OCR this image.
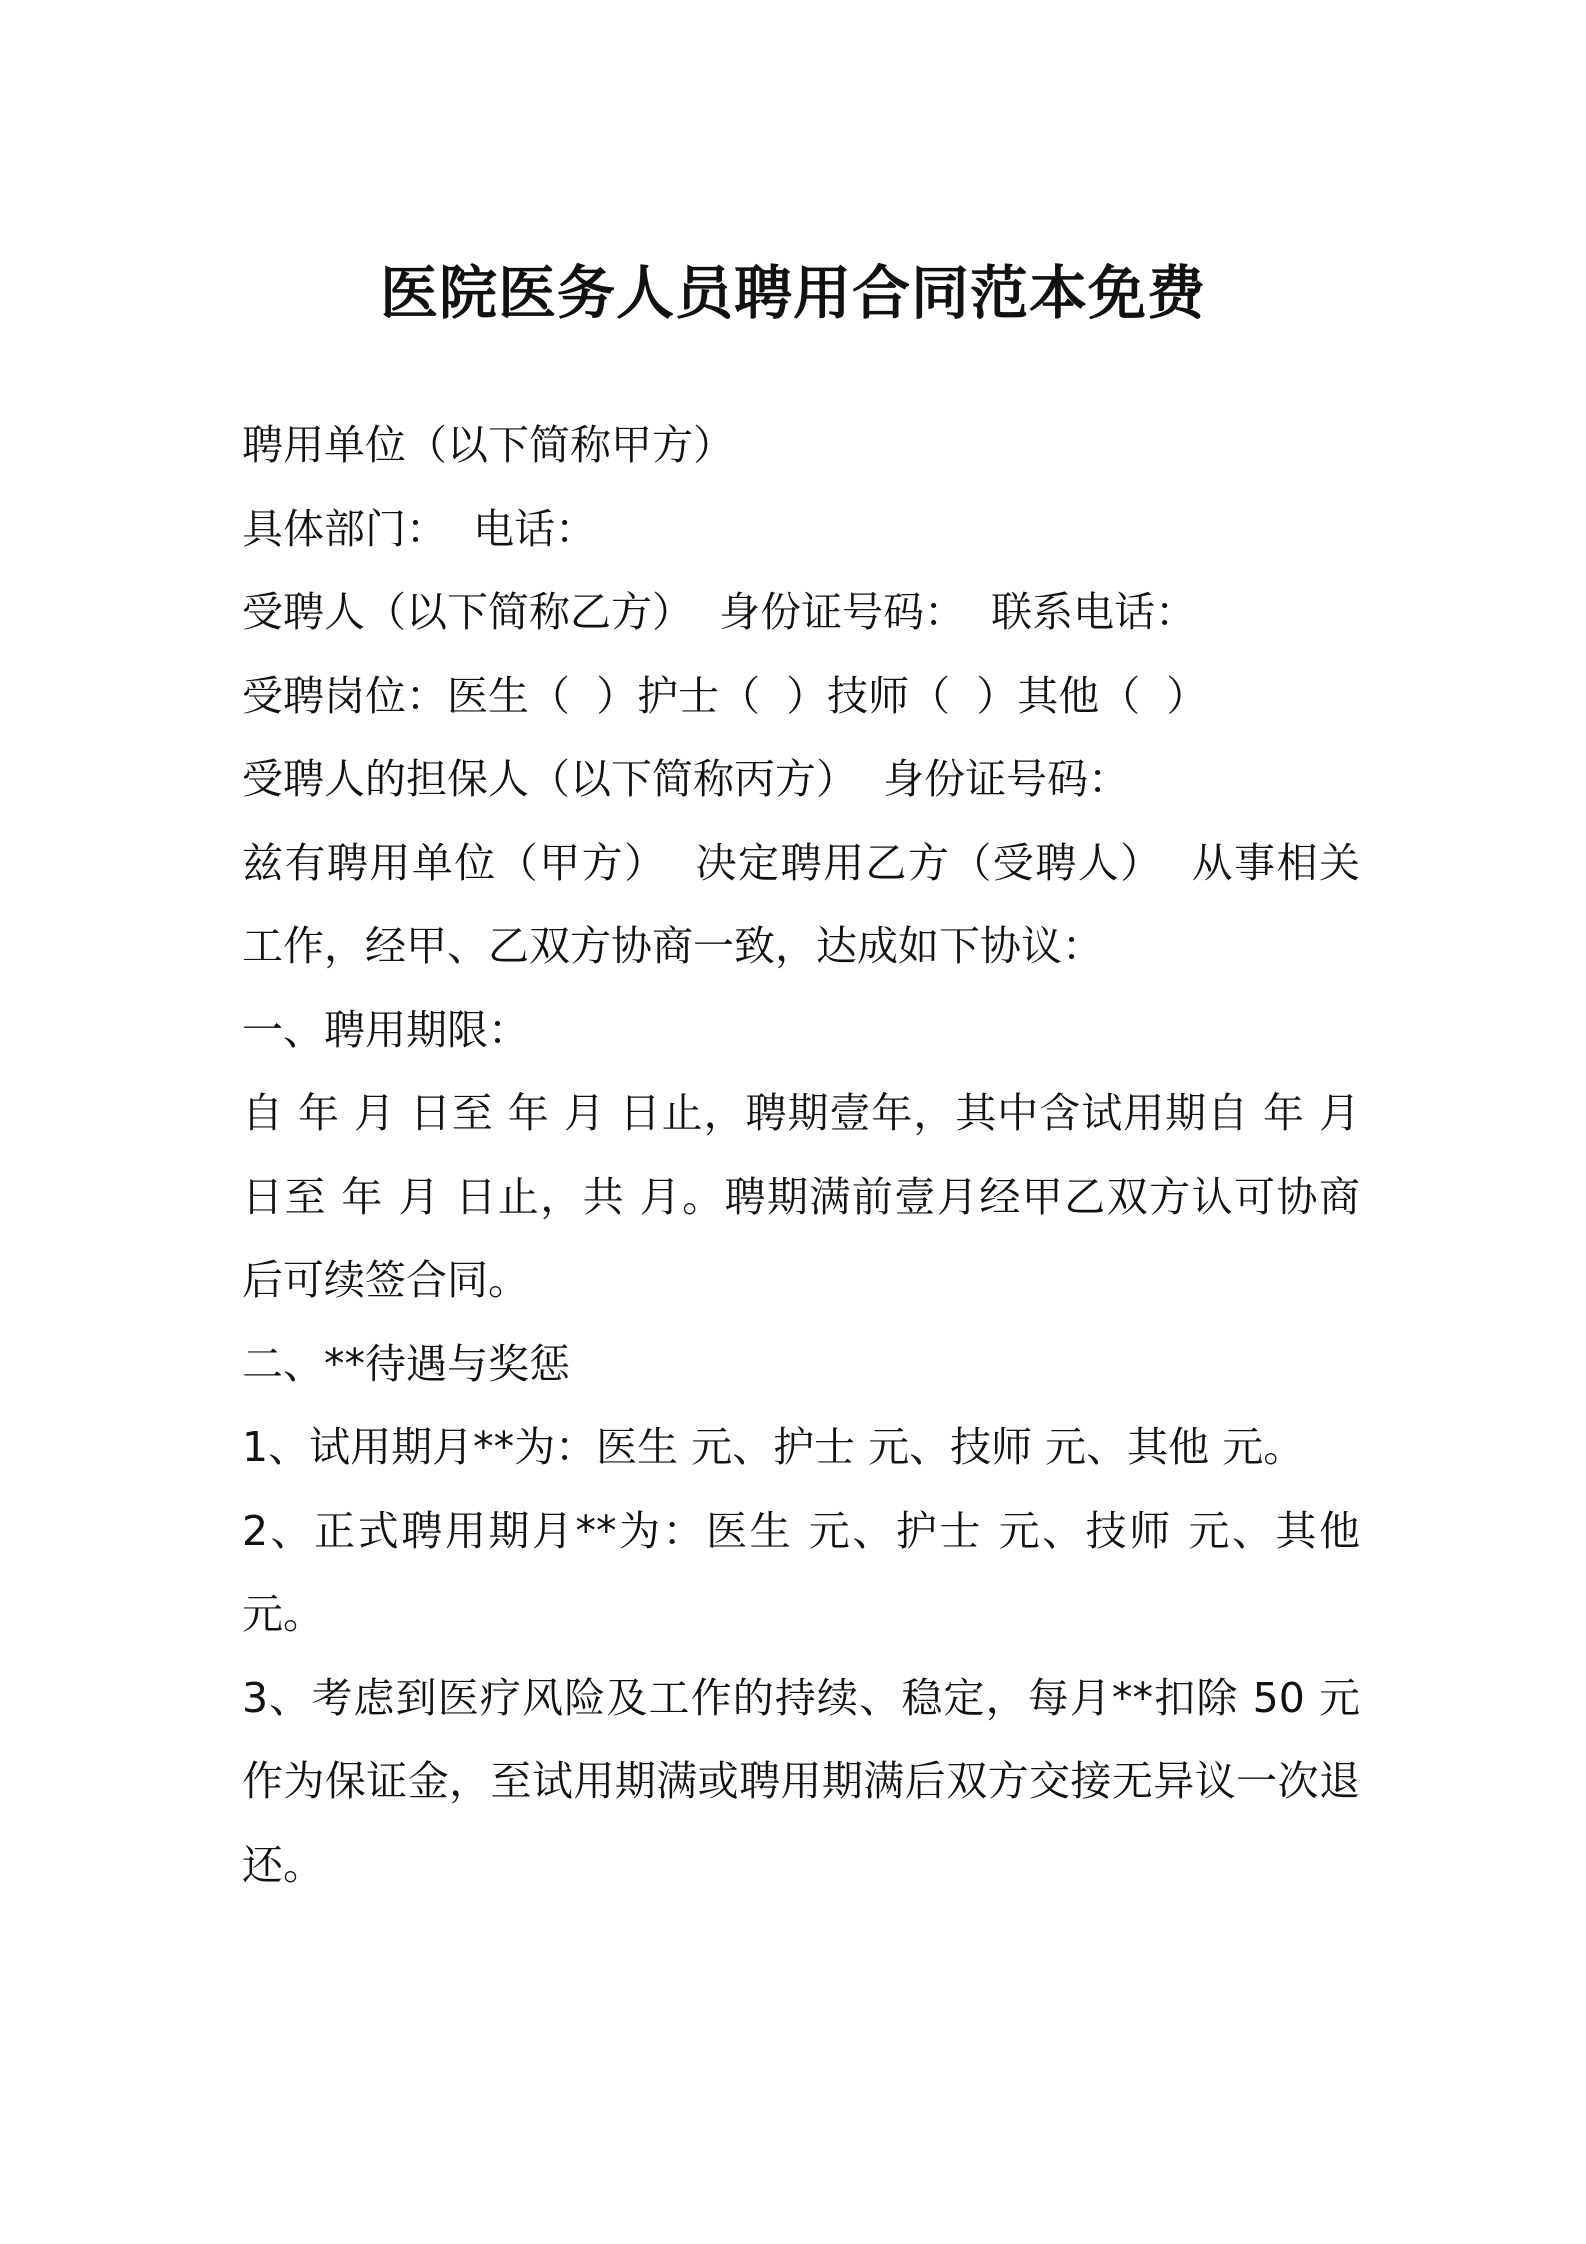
医院医务人员聘用合同范本免费

聘用单位（以下简称甲方）

具体部门：  电话：

受聘人（以下简称乙方）  身份证号码：  联系电话：

受聘岗位：医生（  ）护士（  ）技师（  ）其他（  ）

受聘人的担保人（以下简称丙方）  身份证号码：

兹有聘用单位（甲方）  决定聘用乙方（受聘人）  从事相关工作，经甲、乙双方协商一致，达成如下协议：

一、聘用期限：

自 年 月 日至 年 月 日止，聘期壹年，其中含试用期自 年 月 日至 年 月 日止，共 月。聘期满前壹月经甲乙双方认可协商后可续签合同。

二、**待遇与奖惩

1、试用期月**为：医生 元、护士 元、技师 元、其他 元。

2、正式聘用期月**为：医生 元、护士 元、技师 元、其他元。

3、考虑到医疗风险及工作的持续、稳定，每月**扣除 50 元作为保证金，至试用期满或聘用期满后双方交接无异议一次退还。
